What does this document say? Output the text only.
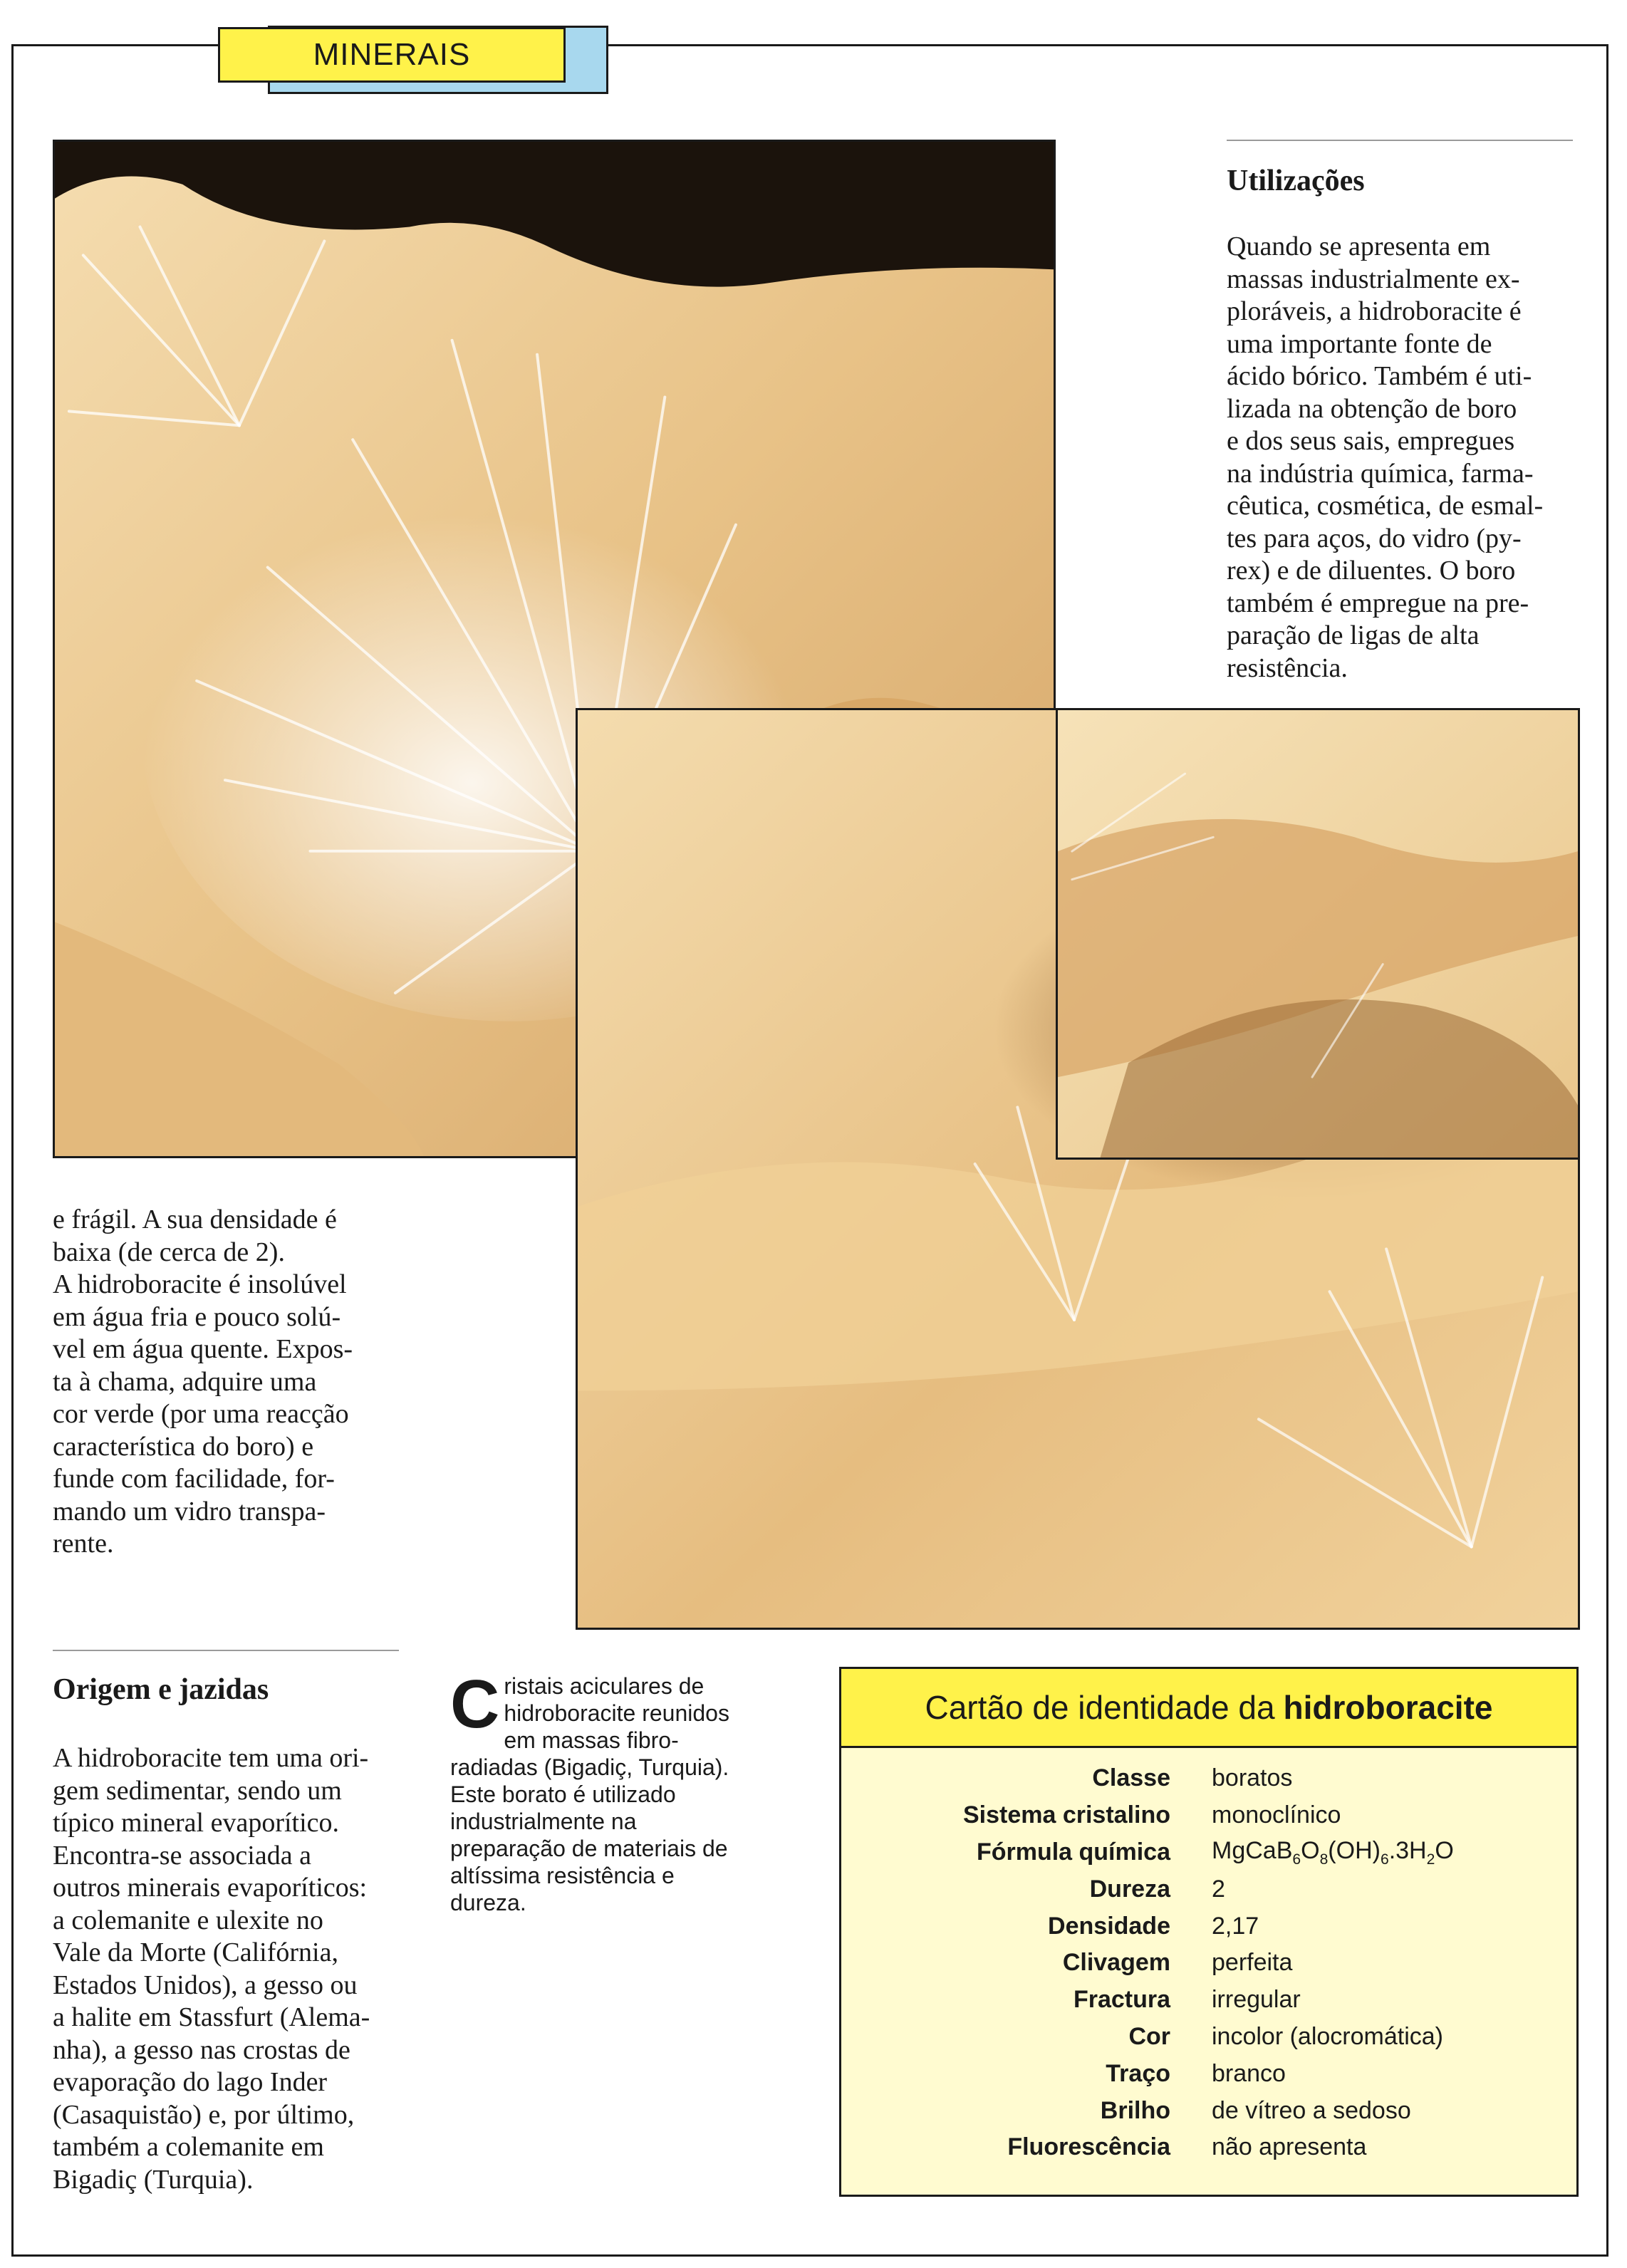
MINERAIS
Utilizações
Quando se apresenta em
massas industrialmente ex-
ploráveis, a hidroboracite é
uma importante fonte de
ácido bórico. Também é uti-
lizada na obtenção de boro
e dos seus sais, empregues
na indústria química, farma-
cêutica, cosmética, de esmal-
tes para aços, do vidro (py-
rex) e de diluentes. O boro
também é empregue na pre-
paração de ligas de alta
resistência.
e frágil. A sua densidade é
baixa (de cerca de 2).
A hidroboracite é insolúvel
em água fria e pouco solú-
vel em água quente. Expos-
ta à chama, adquire uma
cor verde (por uma reacção
característica do boro) e
funde com facilidade, for-
mando um vidro transpa-
rente.
Origem e jazidas
A hidroboracite tem uma ori-
gem sedimentar, sendo um
típico mineral evaporítico.
Encontra-se associada a
outros minerais evaporíticos:
a colemanite e ulexite no
Vale da Morte (Califórnia,
Estados Unidos), a gesso ou
a halite em Stassfurt (Alema-
nha), a gesso nas crostas de
evaporação do lago Inder
(Casaquistão) e, por último,
também a colemanite em
Bigadiç (Turquia).
Cristais aciculares de hidroboracite reunidos em massas fibro-radiadas (Bigadiç, Turquia). Este borato é utilizado industrialmente na preparação de materiais de altíssima resistência e dureza.
Cartão de identidade da hidroboracite
Classe boratos
Sistema cristalino monoclínico
Fórmula química $MgCaB_6O_8(OH)_6.3H_2O$
Dureza 2
Densidade 2,17
Clivagem perfeita
Fractura irregular
Cor incolor (alocromática)
Traço branco
Brilho de vítreo a sedoso
Fluorescência não apresenta
